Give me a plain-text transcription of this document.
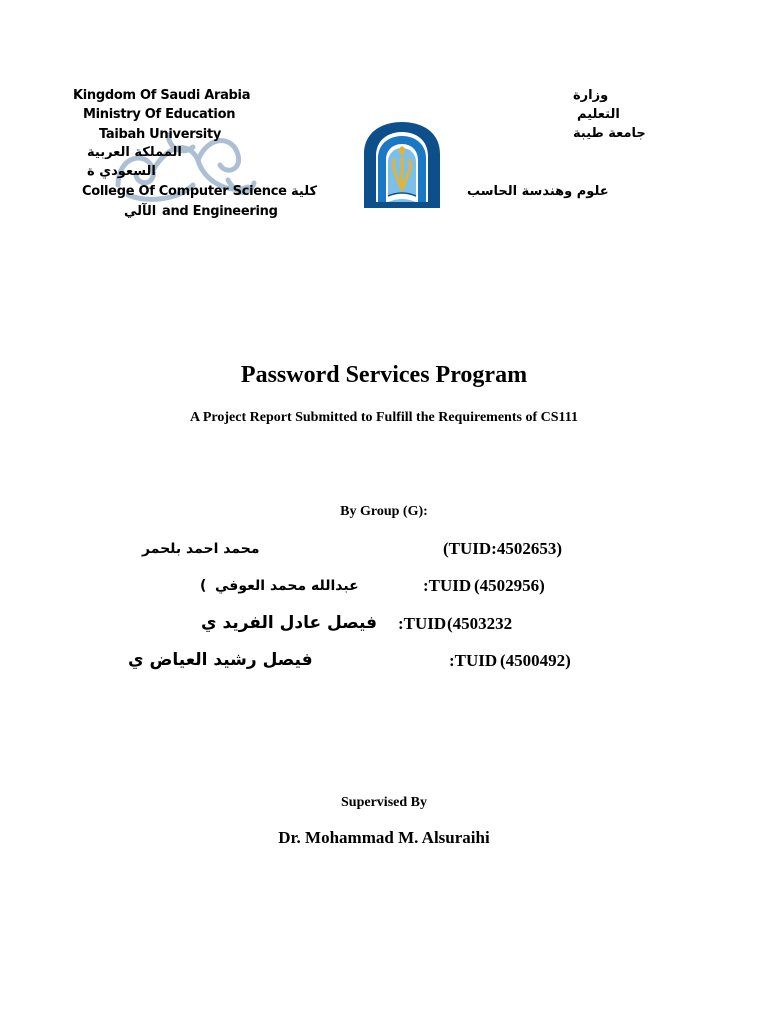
Kingdom Of Saudi Arabia
Ministry Of Education
Taibah University
المملكة العربية
السعودي ة
College Of Computer Science كلية
الآلي and Engineering
وزارة
التعليم
جامعة طيبة
علوم وهندسة الحاسب
Password Services Program
A Project Report Submitted to Fulfill the Requirements of CS111
By Group (G):
محمد احمد بلحمر	(TUID:4502653)
( عبدالله محمد العوفي	:TUID (4502956)
فيصل عادل الفريد ي :TUID (4503232
فيصل رشيد العياض ي	:TUID (4500492)
Supervised By
Dr. Mohammad M. Alsuraihi
